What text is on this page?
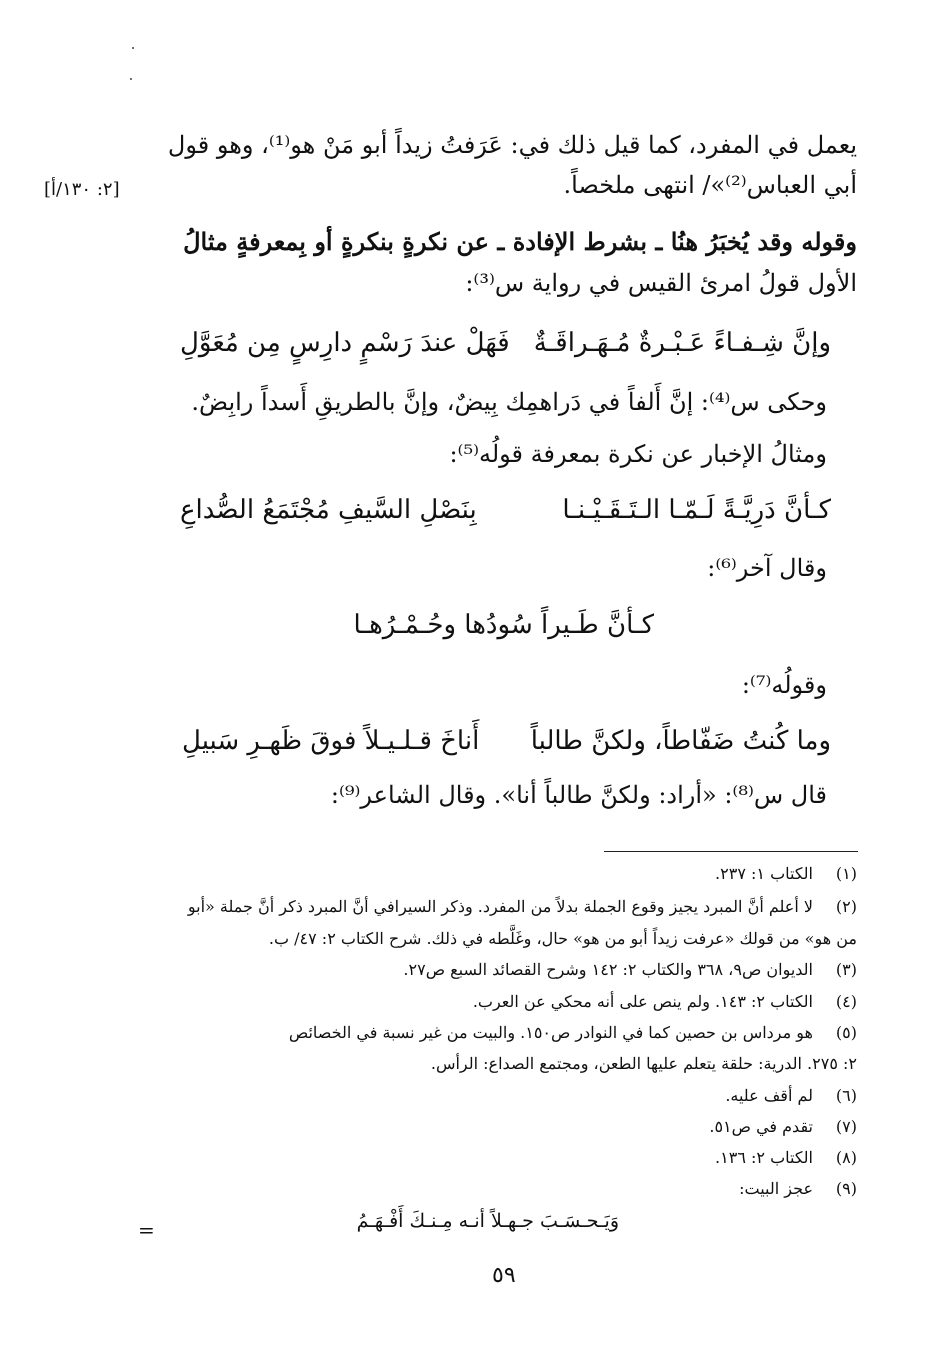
[٢: ١٣٠/أ]
يعمل في المفرد، كما قيل ذلك في: عَرَفتُ زيداً أبو مَنْ هو⁽¹⁾، وهو قول
أبي العباس⁽²⁾»/ انتهى ملخصاً.
وقوله وقد يُخبَرُ هنُا ـ بشرط الإفادة ـ عن نكرةٍ بنكرةٍ أو بِمعرفةٍ مثالُ
الأول قولُ امرئ القيس في رواية س⁽³⁾:
وإنَّ شِـفـاءً عَـبْـرةٌ مُـهَـراقَـةٌ
فَهَلْ عندَ رَسْمٍ دارِسٍ مِن مُعَوَّلِ
وحكى س⁽⁴⁾: إنَّ أَلفاً في دَراهمِك بِيضٌ، وإنَّ بالطريقِ أَسداً رابِضٌ.
ومثالُ الإخبار عن نكرة بمعرفة قولُه⁽⁵⁾:
كـأنَّ دَرِيَّـةً لَـمّـا الـتَـقَـيْـنـا
بِنَصْلِ السَّيفِ مُجْتَمَعُ الصُّداعِ
وقال آخر⁽⁶⁾:
كـأنَّ طَـيراً سُودُها وحُـمْـرُهـا
وقولُه⁽⁷⁾:
وما كُنتُ ضَفّاطاً، ولكنَّ طالباً
أَناخَ قـلـيـلاً فوقَ ظَهـرِ سَبيلِ
قال س⁽⁸⁾: «أراد: ولكنَّ طالباً أنا». وقال الشاعر⁽⁹⁾:
(١)
الكتاب ١: ٢٣٧.
(٢)
لا أعلم أنَّ المبرد يجيز وقوع الجملة بدلاً من المفرد. وذكر السيرافي أنَّ المبرد ذكر أنَّ جملة «أبو
من هو» من قولك «عرفت زيداً أبو من هو» حال، وغَلَّطه في ذلك. شرح الكتاب ٢: ٤٧/ ب.
(٣)
الديوان ص٩، ٣٦٨ والكتاب ٢: ١٤٢ وشرح القصائد السبع ص٢٧.
(٤)
الكتاب ٢: ١٤٣. ولم ينص على أنه محكي عن العرب.
(٥)
هو مرداس بن حصين كما في النوادر ص١٥٠. والبيت من غير نسبة في الخصائص
٢: ٢٧٥. الدرية: حلقة يتعلم عليها الطعن، ومجتمع الصداع: الرأس.
(٦)
لم أقف عليه.
(٧)
تقدم في ص٥١.
(٨)
الكتاب ٢: ١٣٦.
(٩)
عجز البيت:
وَيَـحـسَـبَ جـهـلاً أنـه مِـنـكَ أَفْـهَـمُ
=
٥٩
